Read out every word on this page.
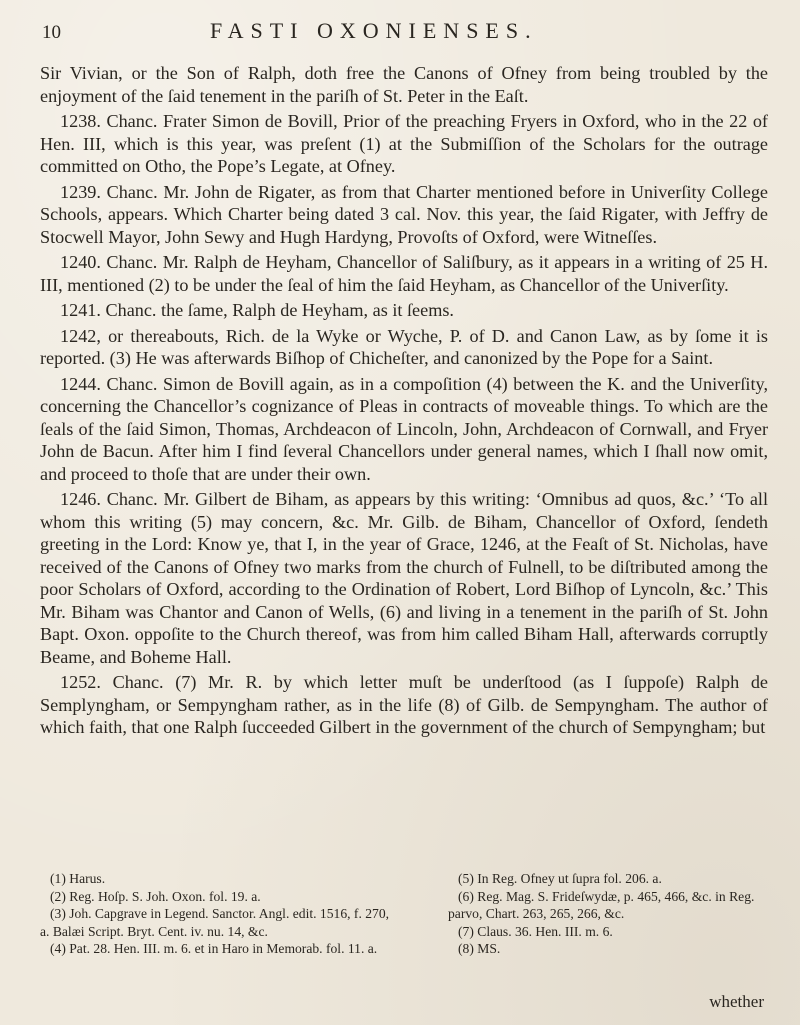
10	FASTI OXONIENSES.

Sir Vivian, or the Son of Ralph, doth free the Canons of Ofney from being troubled by the enjoyment of the ſaid tenement in the pariſh of St. Peter in the Eaſt.

1238. Chanc. Frater Simon de Bovill, Prior of the preaching Fryers in Oxford, who in the 22 of Hen. III, which is this year, was preſent (1) at the Submiſſion of the Scholars for the outrage committed on Otho, the Pope’s Legate, at Ofney.

1239. Chanc. Mr. John de Rigater, as from that Charter mentioned before in Univerſity College Schools, appears. Which Charter being dated 3 cal. Nov. this year, the ſaid Rigater, with Jeffry de Stocwell Mayor, John Sewy and Hugh Hardyng, Provoſts of Oxford, were Witneſſes.

1240. Chanc. Mr. Ralph de Heyham, Chancellor of Saliſbury, as it appears in a writing of 25 H. III, mentioned (2) to be under the ſeal of him the ſaid Heyham, as Chancellor of the Univerſity.

1241. Chanc. the ſame, Ralph de Heyham, as it ſeems.

1242, or thereabouts, Rich. de la Wyke or Wyche, P. of D. and Canon Law, as by ſome it is reported. (3) He was afterwards Biſhop of Chicheſter, and canonized by the Pope for a Saint.

1244. Chanc. Simon de Bovill again, as in a compoſition (4) between the K. and the Univerſity, concerning the Chancellor’s cognizance of Pleas in contracts of moveable things. To which are the ſeals of the ſaid Simon, Thomas, Archdeacon of Lincoln, John, Archdeacon of Cornwall, and Fryer John de Bacun. After him I find ſeveral Chancellors under general names, which I ſhall now omit, and proceed to thoſe that are under their own.

1246. Chanc. Mr. Gilbert de Biham, as appears by this writing: ‘Omnibus ad quos, &c.’ ‘To all whom this writing (5) may concern, &c. Mr. Gilb. de Biham, Chancellor of Oxford, ſendeth greeting in the Lord: Know ye, that I, in the year of Grace, 1246, at the Feaſt of St. Nicholas, have received of the Canons of Ofney two marks from the church of Fulnell, to be diſtributed among the poor Scholars of Oxford, according to the Ordination of Robert, Lord Biſhop of Lyncoln, &c.’ This Mr. Biham was Chantor and Canon of Wells, (6) and living in a tenement in the pariſh of St. John Bapt. Oxon. oppoſite to the Church thereof, was from him called Biham Hall, afterwards corruptly Beame, and Boheme Hall.

1252. Chanc. (7) Mr. R. by which letter muſt be underſtood (as I ſuppoſe) Ralph de Semplyngham, or Sempyngham rather, as in the life (8) of Gilb. de Sempyngham. The author of which faith, that one Ralph ſucceeded Gilbert in the government of the church of Sempyngham; but

(1) Harus.

(2) Reg. Hoſp. S. Joh. Oxon. fol. 19. a.

(3) Joh. Capgrave in Legend. Sanctor. Angl. edit. 1516, f. 270, a. Balæi Script. Bryt. Cent. iv. nu. 14, &c.

(4) Pat. 28. Hen. III. m. 6. et in Haro in Memorab. fol. 11. a.

(5) In Reg. Ofney ut ſupra fol. 206. a.

(6) Reg. Mag. S. Frideſwydæ, p. 465, 466, &c. in Reg. parvo, Chart. 263, 265, 266, &c.

(7) Claus. 36. Hen. III. m. 6.

(8) MS.

whether
